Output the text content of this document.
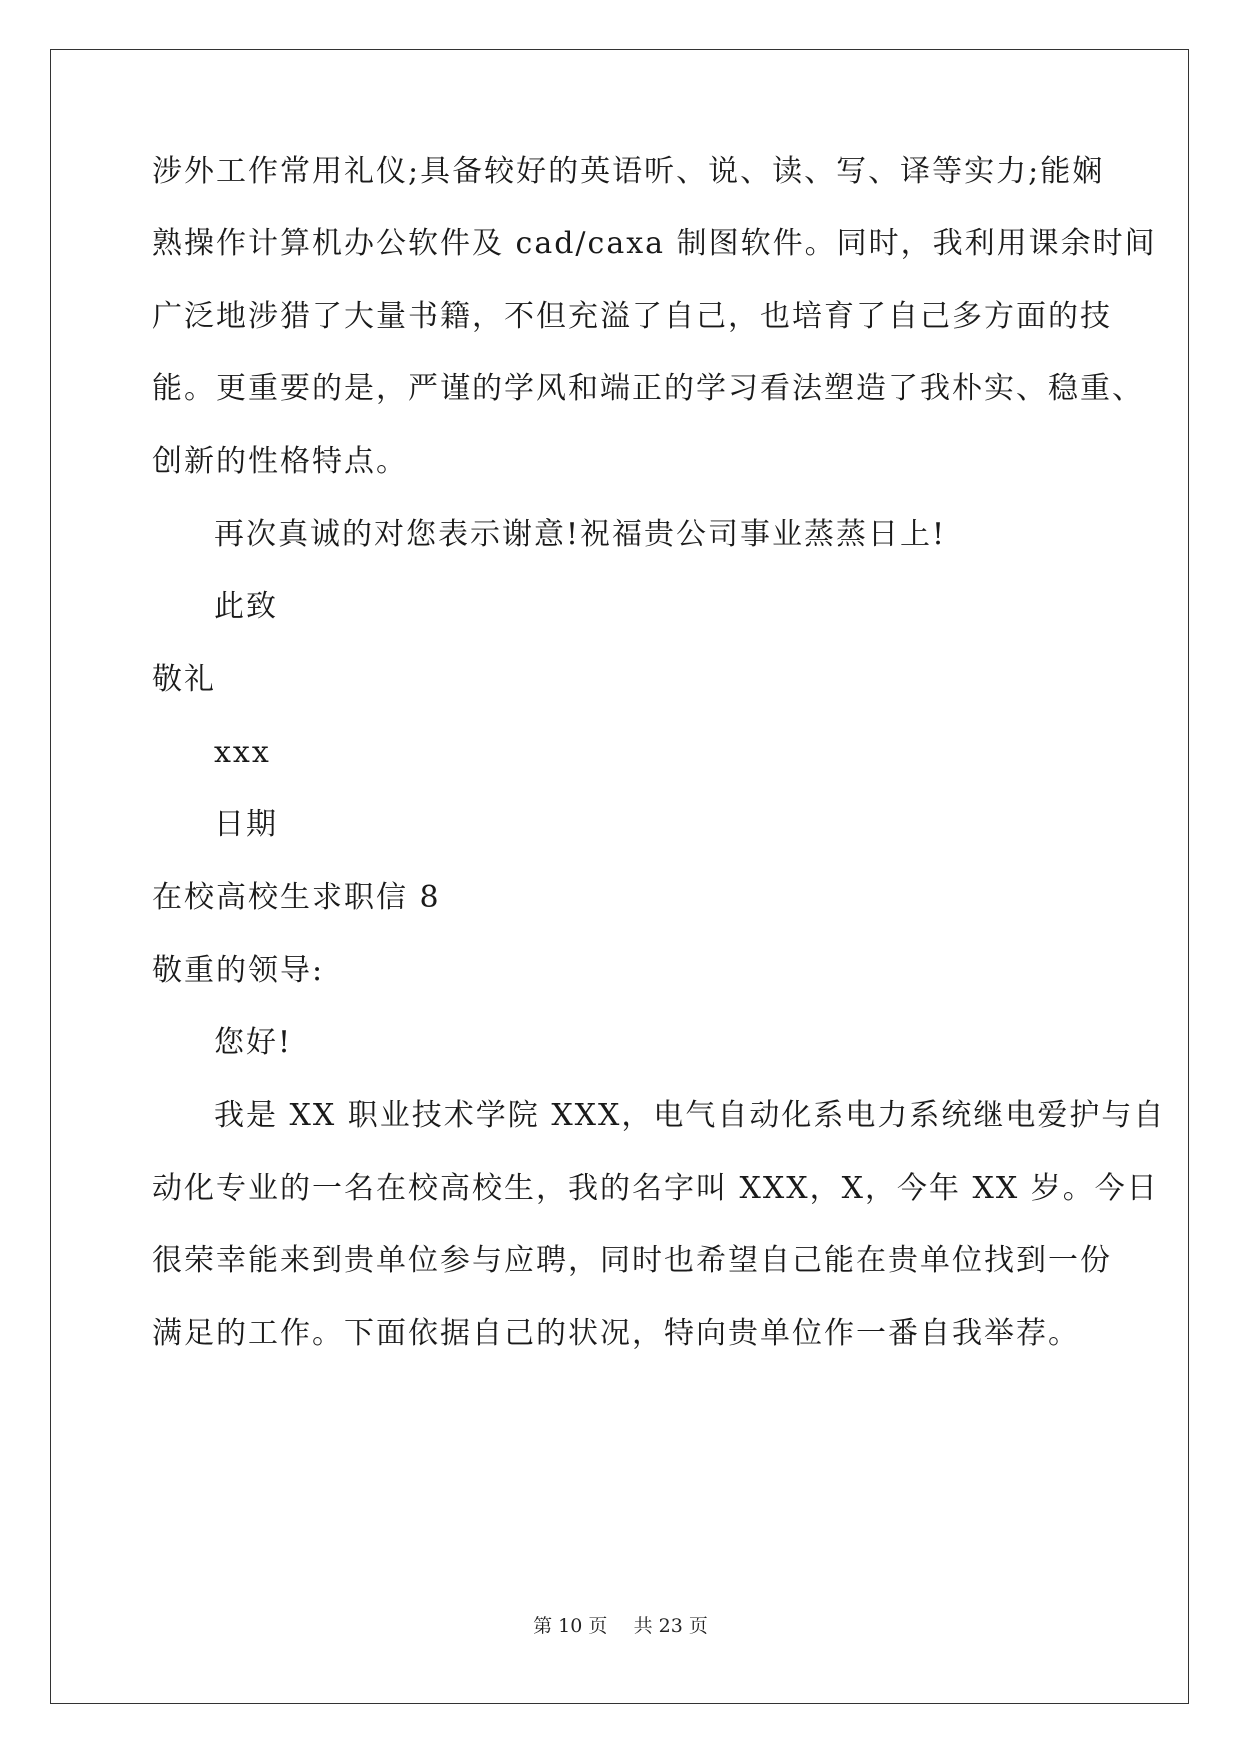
涉外工作常用礼仪;具备较好的英语听、说、读、写、译等实力;能娴
熟操作计算机办公软件及 cad/caxa 制图软件。同时，我利用课余时间
广泛地涉猎了大量书籍，不但充溢了自己，也培育了自己多方面的技
能。更重要的是，严谨的学风和端正的学习看法塑造了我朴实、稳重、
创新的性格特点。
再次真诚的对您表示谢意!祝福贵公司事业蒸蒸日上!
此致
敬礼
xxx
日期
在校高校生求职信 8
敬重的领导:
您好!
我是 XX 职业技术学院 XXX，电气自动化系电力系统继电爱护与自
动化专业的一名在校高校生，我的名字叫 XXX，X，今年 XX 岁。今日
很荣幸能来到贵单位参与应聘，同时也希望自己能在贵单位找到一份
满足的工作。下面依据自己的状况，特向贵单位作一番自我举荐。
第 10 页 共 23 页
